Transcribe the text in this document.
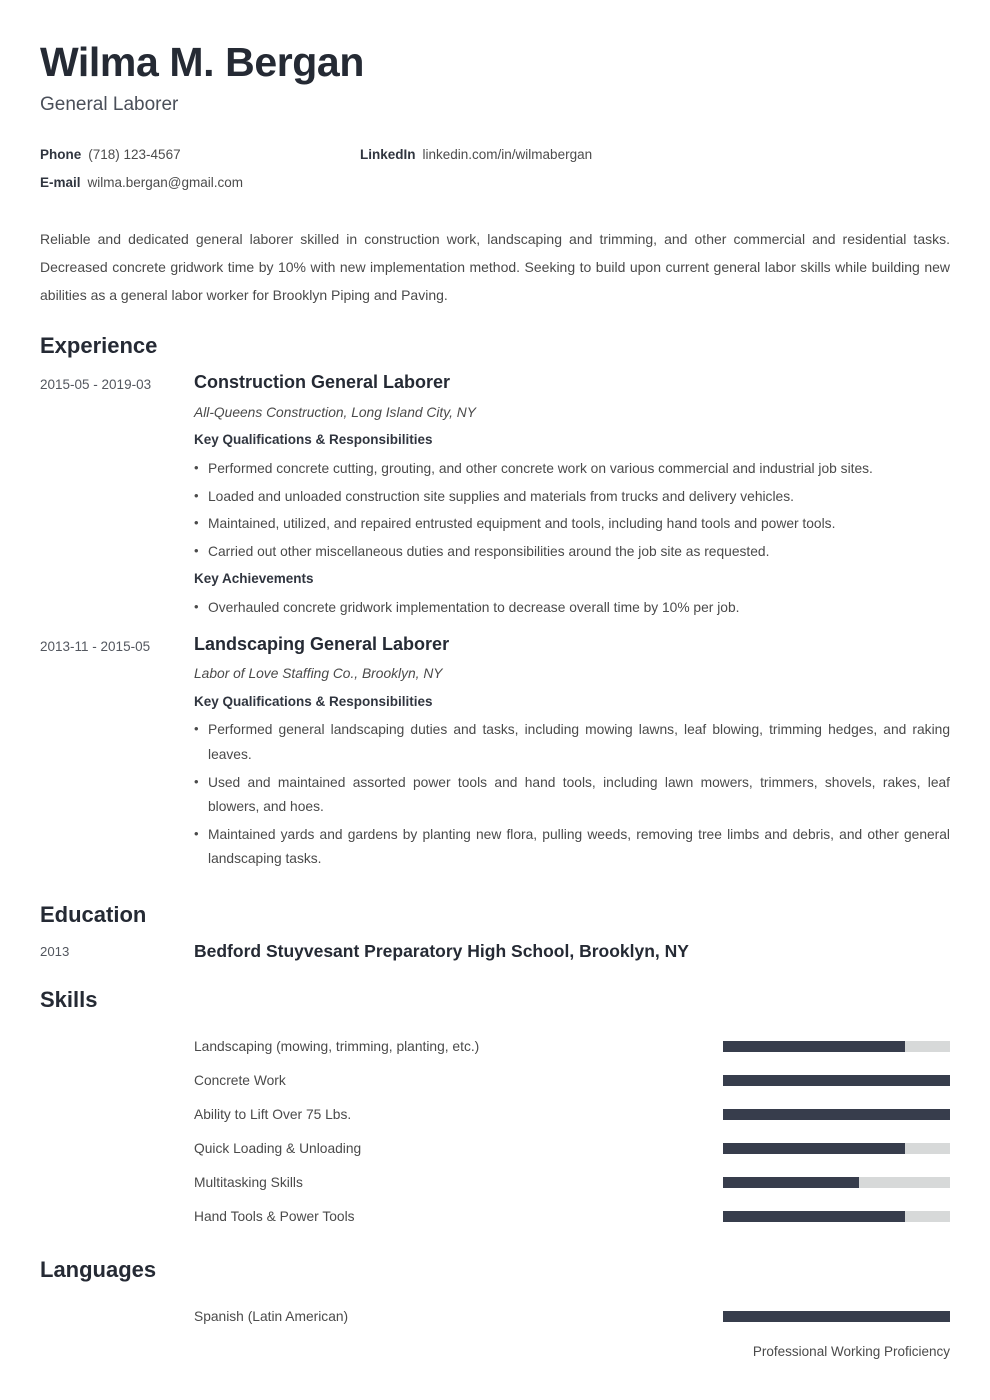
Wilma M. Bergan
General Laborer
Phone (718) 123-4567	LinkedIn linkedin.com/in/wilmabergan
E-mail wilma.bergan@gmail.com

Reliable and dedicated general laborer skilled in construction work, landscaping and trimming, and other commercial and residential tasks. Decreased concrete gridwork time by 10% with new implementation method. Seeking to build upon current general labor skills while building new abilities as a general labor worker for Brooklyn Piping and Paving.

Experience
2015-05 - 2019-03	Construction General Laborer
All-Queens Construction, Long Island City, NY
Key Qualifications & Responsibilities
• Performed concrete cutting, grouting, and other concrete work on various commercial and industrial job sites.
• Loaded and unloaded construction site supplies and materials from trucks and delivery vehicles.
• Maintained, utilized, and repaired entrusted equipment and tools, including hand tools and power tools.
• Carried out other miscellaneous duties and responsibilities around the job site as requested.
Key Achievements
• Overhauled concrete gridwork implementation to decrease overall time by 10% per job.
2013-11 - 2015-05	Landscaping General Laborer
Labor of Love Staffing Co., Brooklyn, NY
Key Qualifications & Responsibilities
• Performed general landscaping duties and tasks, including mowing lawns, leaf blowing, trimming hedges, and raking leaves.
• Used and maintained assorted power tools and hand tools, including lawn mowers, trimmers, shovels, rakes, leaf blowers, and hoes.
• Maintained yards and gardens by planting new flora, pulling weeds, removing tree limbs and debris, and other general landscaping tasks.
Education
2013	Bedford Stuyvesant Preparatory High School, Brooklyn, NY
Skills
Landscaping (mowing, trimming, planting, etc.)
Concrete Work
Ability to Lift Over 75 Lbs.
Quick Loading & Unloading
Multitasking Skills
Hand Tools & Power Tools
Languages
Spanish (Latin American)
Professional Working Proficiency
